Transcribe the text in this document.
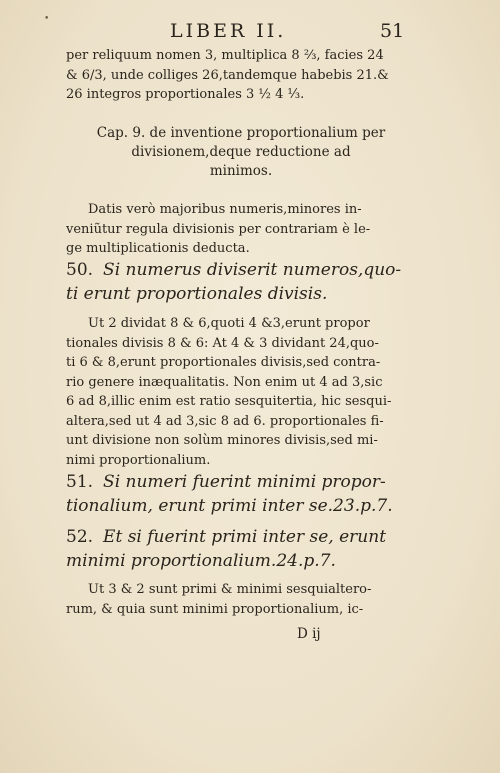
•
LIBER II.	51
per reliquum nomen 3, multiplica 8 ⅔, facies 24
& 6/3, unde colliges 26,tandemque habebis 21.&
26 integros proportionales 3 ½ 4 ⅓.
Cap. 9. de inventione proportionalium per
divisionem,deque reductione ad
minimos.
Datis verò majoribus numeris,minores in-
veniũtur regula divisionis per contrariam è le-
ge multiplicationis deducta.
50. Si numerus diviserit numeros,quo-
ti erunt proportionales divisis.
Ut 2 dividat 8 & 6,quoti 4 &3,erunt propor
tionales divisis 8 & 6: At 4 & 3 dividant 24,quo-
ti 6 & 8,erunt proportionales divisis,sed contra-
rio genere inæqualitatis. Non enim ut 4 ad 3,sic
6 ad 8,illic enim est ratio sesquitertia, hic sesqui-
altera,sed ut 4 ad 3,sic 8 ad 6. proportionales fi-
unt divisione non solùm minores divisis,sed mi-
nimi proportionalium.
51. Si numeri fuerint minimi propor-
tionalium, erunt primi inter se.23.p.7.
52. Et si fuerint primi inter se, erunt
minimi proportionalium.24.p.7.
Ut 3 & 2 sunt primi & minimi sesquialtero-
rum, & quia sunt minimi proportionalium, ic-
D ij
